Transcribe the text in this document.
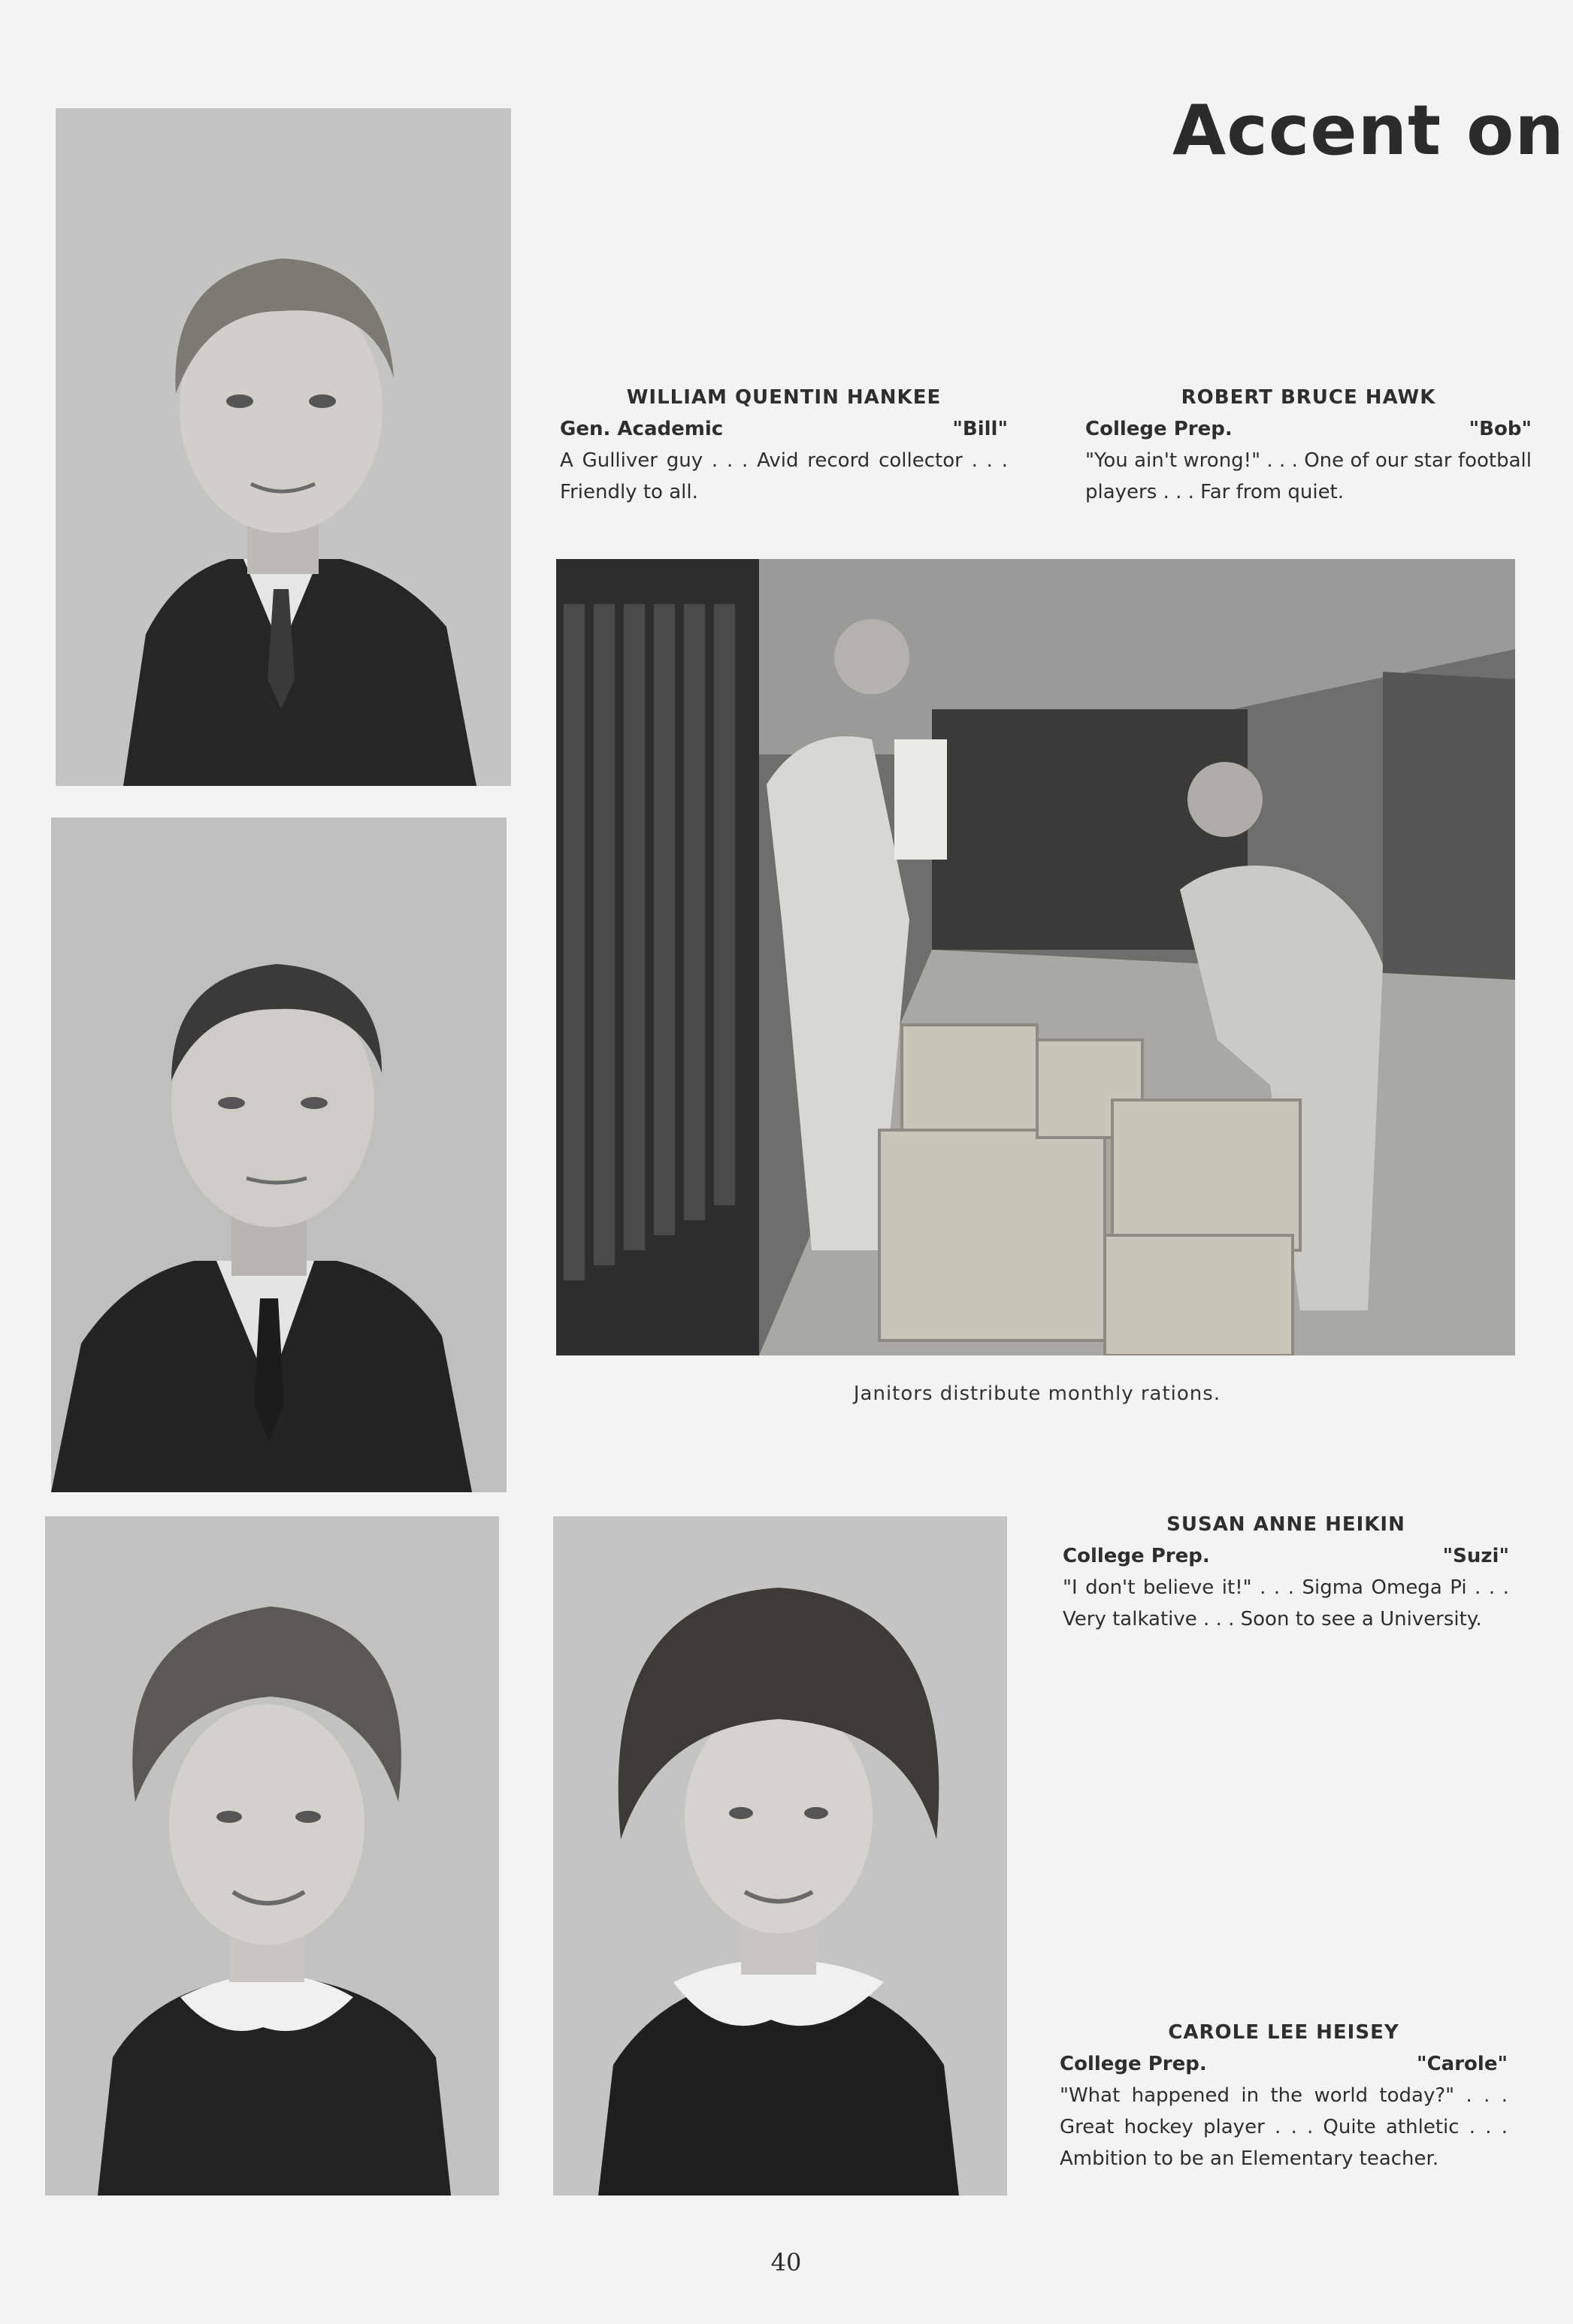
Accent on
WILLIAM QUENTIN HANKEE
Gen. Academic	"Bill"
A Gulliver guy . . . Avid record collector . . . Friendly to all.
ROBERT BRUCE HAWK
College Prep.	"Bob"
"You ain't wrong!" . . . One of our star football players . . . Far from quiet.
Janitors distribute monthly rations.
SUSAN ANNE HEIKIN
College Prep.	"Suzi"
"I don't believe it!" . . . Sigma Omega Pi . . . Very talkative . . . Soon to see a University.
CAROLE LEE HEISEY
College Prep.	"Carole"
"What happened in the world today?" . . . Great hockey player . . . Quite athletic . . . Ambition to be an Elementary teacher.
40
